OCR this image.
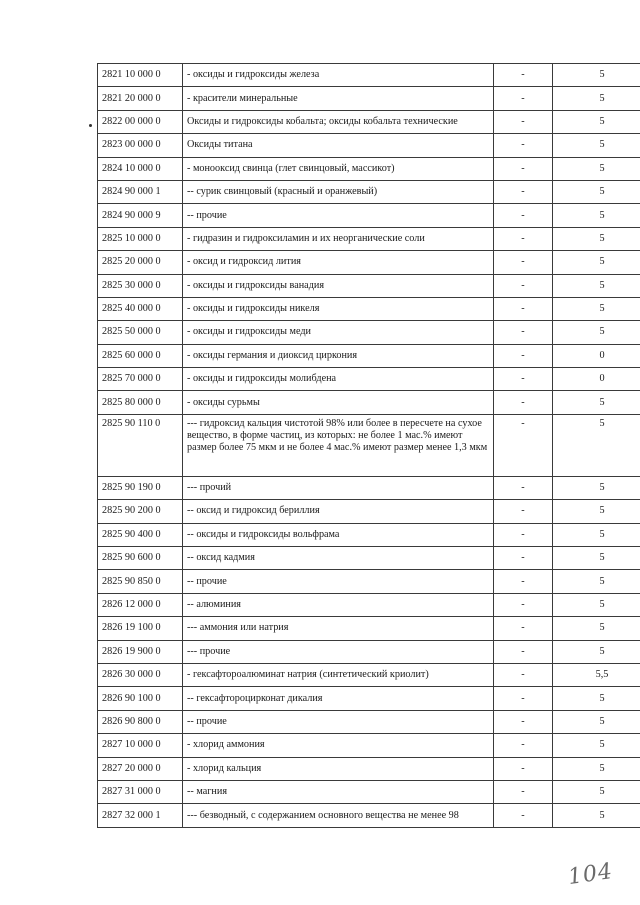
2821 10 000 0	- оксиды и гидроксиды железа	-	5
2821 20 000 0	- красители минеральные	-	5
2822 00 000 0	Оксиды и гидроксиды кобальта; оксиды кобальта технические	-	5
2823 00 000 0	Оксиды титана	-	5
2824 10 000 0	- монооксид свинца (глет свинцовый, массикот)	-	5
2824 90 000 1	-- сурик свинцовый (красный и оранжевый)	-	5
2824 90 000 9	-- прочие	-	5
2825 10 000 0	- гидразин и гидроксиламин и их неорганические соли	-	5
2825 20 000 0	- оксид и гидроксид лития	-	5
2825 30 000 0	- оксиды и гидроксиды ванадия	-	5
2825 40 000 0	- оксиды и гидроксиды никеля	-	5
2825 50 000 0	- оксиды и гидроксиды меди	-	5
2825 60 000 0	- оксиды германия и диоксид циркония	-	0
2825 70 000 0	- оксиды и гидроксиды молибдена	-	0
2825 80 000 0	- оксиды сурьмы	-	5
2825 90 110 0	--- гидроксид кальция чистотой 98% или более в пересчете на сухое вещество, в форме частиц, из которых: не более 1 мас.% имеют размер более 75 мкм и не более 4 мас.% имеют размер менее 1,3 мкм	-	5
2825 90 190 0	--- прочий	-	5
2825 90 200 0	-- оксид и гидроксид бериллия	-	5
2825 90 400 0	-- оксиды и гидроксиды вольфрама	-	5
2825 90 600 0	-- оксид кадмия	-	5
2825 90 850 0	-- прочие	-	5
2826 12 000 0	-- алюминия	-	5
2826 19 100 0	--- аммония или натрия	-	5
2826 19 900 0	--- прочие	-	5
2826 30 000 0	- гексафтороалюминат натрия (синтетический криолит)	-	5,5
2826 90 100 0	-- гексафтороцирконат дикалия	-	5
2826 90 800 0	-- прочие	-	5
2827 10 000 0	- хлорид аммония	-	5
2827 20 000 0	- хлорид кальция	-	5
2827 31 000 0	-- магния	-	5
2827 32 000 1	--- безводный, с содержанием основного вещества не менее 98	-	5
104
